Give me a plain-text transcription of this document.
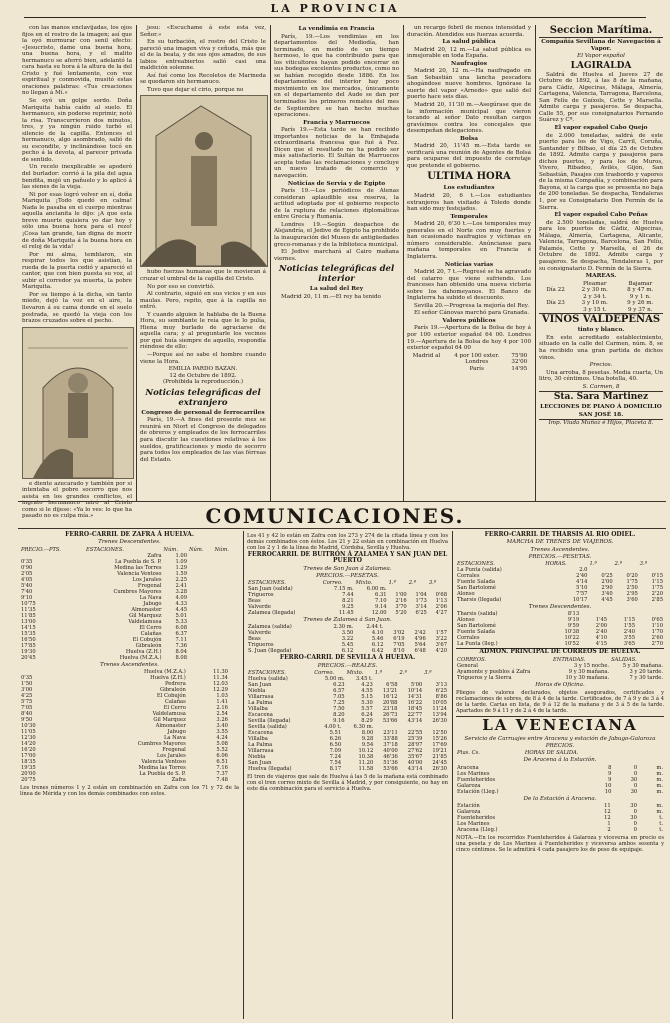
LA PROVINCIA

con las manos enclavijadas, los ojos fijos en el rostro de la imagen; así que la oyó murmurar con senil efecto: «Jesucristo, dame una buena hora, una buena hora, y el malito hermanuco se aferró bien, adelantó la cara hasta su hora á la altura de la del Cristo y fué lentamente, con voz espiritual y conmovida, musitó estas oraciones palabras: «Tus creaciones no llegan á Mí.»

Se oyó un golpe sordo. Doña Mariquita había caído al suelo. El hermanuco, sin poderse reprimir, notó la risa. Transcurrieron dos minutos, tres, y ya ningún ruido turbó el silencio de la capilla. Entonces el hermanuco, algo asombrado, salió de su escondite, y inclinándose tocó en pecho á la devota, al parecer privada de sentido.

Un recelo inexplicable se apoderó del burlador: corrió á la pila del agua bendita, mojó un pañuelo y lo aplicó á las sienes de la vieja.

Ni por esas logró volver en sí, doña Mariquita ¡Todo quedó en calma! Nada le pasaba en el cuerpo mientras aquella ancianita le dijo: ¡A que esta breve muerte quisiera yo dar hoy y sólo una buena hora para el rezo! ¡Cosa tan grande, tan digna de morir de doña Mariquita á la buena hora en el reloj de la vida!

Por mi alma, temblaron, sin respirar todos los que asistían, la rueda de la puerta cedió y apareció el cantor, que con bien puesta su voz, al subir el corredor ya muerta, la pobre Mariquita.

Por su tiempo á la dicha, sin tanto miedo, dejó la voz en el aire, la llevaron á su cama donde en el suelo postrada, se quedó la vieja con los brazos cruzados sobre el pecho.

e diente azucarado y también por si intentaba el pobre socorro que nos asista en los grandes conflictos, el ingrato hermanuco miró al Cristo como si le dijese: «Ya lo ves: lo que ha pasado no es culpa mía.»

jesu: «Escuchame á este esta vez, Señor.»

En su turbación, el rostro del Cristo le pareció una imagen viva y ceñuda, más que el de la beata, y de sus ojos amados, de sus labios entreabiertos salió casi una maldición solemne.

Así fué como los Recoletos de Marineda se quedaron sin hermanuco.

Tuvo que dejar el cirio, porque no

hubo fuerzas humanas que le movieran á cruzar el umbral de la capilla del Cristo.

No por eso se convirtió.

Al contrario, siguió en sus vicios y en sus maulas. Pero, repito, que á la capilla no entró.

Y cuando alguien le hablaba de la Buena Hora, su semblante le reía que le lo pulía, Hiena muy burlado de agraciarse de aquella cara; y al preguntarle los vecinos por qué huía siempre de aquello, respondía riéndose de ello:

—Porque así no sabe el hombre cuando viene la Hora.

EMILIA PARDO BAZAN.
12 de Octubre de 1892.
(Prohibida la reproducción.)
Noticias telegráficas del extranjero
Congreso de personal de ferrocarriles

París, 19.—A fines del presente mes se reunirá en Niort el Congreso de delegados de obreros y empleados de los ferrocarriles para discutir las cuestiones relativas á los sueldos, gratificaciones y modo de socorro para todos los empleados de las vías férreas del Estado.

La vendimia en Francia

París, 19.—Los vendimias en los departamentos del Mediodía, han terminado, en medio de un tiempo hermoso, lo que ha contribuido para que los viticultores hayan podido encerrar en sus bodegas excelentes productos, como no se habían recogido desde 1886. En los departamentos del interior hay poco movimiento en los mercados, únicamente en el departamento del Aude se dan por terminados los primeros remates del mes de Septiembre se han hecho muchas operaciones.

Francia y Marruecos

París 19.—Esta tarde se han recibido importantes noticias de la Embajada extraordinaria francesa que fué á Fez. Dicen que el resultado no ha podido ser más satisfactorio. El Sultán de Marruecos acepta todas las reclamaciones y concluye un nuevo tratado de comercio y navegación.

Noticias de Servia y de Egipto

París 19.—Los periódicos de Atenas consideran aplaudible esa reserva, la actitud adoptada por el gobierno respecto de la ruptura de relaciones diplomáticas entre Grecia y Rumanía.

Londres 19.—Según despachos de Alejandría, el Jedive de Egipto ha prohibido la inauguración del Museo de antigüedades greco-romanas y de la biblioteca municipal.

El Jedive marchará al Cairo mañana viernes.

Noticias telegráficas del interior
La salud del Rey

Madrid 20, 11 m.—El rey ha tenido

un recargo febril de menos intensidad y duración. Atendidos sus fuerzas acuerda.

La salud pública

Madrid 20, 12 m.—La salud pública es inmejorable en toda España.

Naufragios

Madrid 20, 12 m.—Ha naufragado en San Sebastián una lancha pescadora ahogándose nueve hombres. Ignórase la suerte del vapor «Arnedo» que salió del puerto hace seis días.

Madrid 20, 11'30 m.—Asegúrase que de la información municipal que vieron tocando al señor Dato resultan cargos gravísimos contra los concejales que desempeñan delegaciones.

Bolsa

Madrid 20, 11'45 m.—Esta tarde se verificará una reunión de Agentes de Bolsa para ocuparse del impuesto de corretaje que pretende el gobierno.

ULTIMA HORA
Los estudiantes

Madrid 20, 6 t.—Los estudiantes extranjeros han visitado á Toledo donde han sido muy festejados.

Temporales

Madrid 20, 6'30 t.—Los temporales muy generales en el Norte con muy fuertes y han ocasionado naufragios y víctimas en número considerable. Anúncianse para mañana temporales en Francia é Inglaterra.

Noticias varias

Madrid 20, 7 t.—Regresé se ha agravado del catarro que viene sufriendo. Los franceses han obtenido una nueva victoria sobre los dahomeyanos. El Banco de Inglaterra ha subido el descuento.

Sevilla 20.—Progresa la mejoría del Rey.

El señor Cánovas marchó para Granada.

Valores públicos

París 19.—Apertura de la Bolsa de hoy á por 100 exterior español 64 00. Londres 19.—Apertura de la Bolsa de hoy 4 por 100 exterior español 64 00

Madrid al	4 por 100 exter.	75'90
	Londres	32'00
	París	14'95
Seccion Marítima.
Compañía Sevillana de Navegación á Vapor.
El Vapor español
LAGIRALDA

Saldrá de Huelva el Jueves 27 de Octubre de 1892, á las 8 de la mañana, para Cádiz, Algeciras, Málaga, Almería, Cartagena, Valencia, Tarragona, Barcelona, San Felíu de Guíxols, Cette y Marsella. Admite carga y pasajeros. Se despacha, Calle 55, por sus consignatarios Fernando Suárez y Cª.

El vapor español Cabo Quejo

de 2.000 toneladas, saldrá de este puerto para los de Vigo, Carril, Coruña, Santander y Bilbao, el día 25 de Octubre de 1892. Admite carga y pasajeros para dichos puertos, y para los de Muros, Vivero, Ribadeo, Avilés, Gijón, San Sebastián, Pasajes con trasbordo y vapores de la misma Compañía, y combinación para Bayona, si la carga que se presenta no baja de 200 toneladas. Se despacha, Tendaleras 1, por su Consignatario Don Fermín de la Sierra.

El vapor español Cabo Peñas

de 2.500 toneladas, saldrá de Huelva para los puertos de Cádiz, Algeciras, Málaga, Almería, Cartagena, Alicante, Valencia, Tarragona, Barcelona, San Felíu, Palamós, Cette y Marsella, el 26 de Octubre de 1892. Admite carga y pasajeros. Se despacha, Tendaleras 1, por su consignatario D. Fermín de la Sierra.

MAREAS.
	Pleamar	Bajamar
Día 22	2 y 30 m.	8 y 47 m.
	2 y 34 t.	9 y 1 n.
Día 23	3 y 10 m.	9 y 26 m.
	3 y 15 t.	9 y 37 n.
VINOS VALDEPEÑAS
tinto y blanco.

En este acreditado establecimiento, situado en la calle del Carmen, núm. 8, se ha recibido una gran partida de dichos vinos.

Precios.

Una arroba, 8 pesetas. Media cuarta, Un litro, 30 céntimos. Una botella, 40.

S. Carmen, 8
Sta. Sara Martinez
LECCIONES DE PIANO Á DOMICILIO
SAN JOSÉ 18.
Imp. Viuda Muñoz é Hijos, Placeta 8.
COMUNICACIONES.
FERRO-CARRIL DE ZAFRA Á HUELVA.
Trenes Descendentes.
PRECIO.—PTS.	ESTACIONES.	Núm.	Núm.	Núm.
	Zafra	1.00		
0'35	La Puebla de S. P.	1.09		
0'90	Medina las Torres	1.29		
2'05	Valencia Ventoso	1.59		
4'05	Los Jarales	2.25		
5'40	Fregenal	2.41		
7'40	Cumbres Mayores	3.28		
9'10	La Nava	4.09		
10'75	Jabugo	4.33		
11'35	Almonaster	4.45		
11'85	Gil Marquez	5.01		
13'00	Valdelamusa	5.33		
14'15	El Cerro	6.08		
15'35	Calañas	6.37		
16'50	El Cobujón	7.11		
17'85	Gibraleón	7.36		
19'30	Huelva (Z.H.)	8.04		
20'45	Huelva (M.Z.A.)	8.08		
Trenes Ascendentes.
	Huelva (M.Z.A.)	11.30		
0'35	Huelva (Z.H.)	11.34		
1'50	Pedrera	12.03		
3'00	Gibraleón	12.29		
4'25	El Cobujón	1.03		
5'75	Calañas	1.41		
7'05	El Cerro	2.16		
8'40	Valdelamusa	2.54		
9'50	Gil Marquez	3.26		
10'30	Almonaster	3.40		
11'05	Jabugo	3.55		
12'30	La Nava	4.24		
14'20	Cumbres Mayores	5.08		
16'20	Fregenal	5.52		
17'00	Los Jarales	6.06		
18'35	Valencia Ventoso	6.51		
19'35	Medina las Torres	7.16		
20'00	La Puebla de S. P.	7.37		
20'75	Zafra	7.48		
Los trenes números 1 y 2 están en combinación en Zafra con los 71 y 72 de la línea de Mérida y con los demás combinados con estos.
Los 41 y 42 lo están en Zafra con los 273 y 274 de la citada línea y con los demás combinados con éstos. Los 21 y 22 están en combinación en Huelva con los 2 y 1 de la línea de Madrid, Córdoba, Sevilla y Huelva.
FERROCARRIL DE BUITRÓN Á ZALAMEA Y SAN JUAN DEL PUERTO
Trenes de San Juan á Zalamea.
PRECIOS.—PESETAS.
ESTACIONES.	Correo.	Mixto.	1.ª	2.ª	3.ª
San Juan (salida)	7.15 m.	6.00 m.			
Trigueros	7.44	6.31	1'00	1'04	0'68
Beas	8.21	7.10	2'16	1'73	1'13
Valverde	9.25	9.14	3'70	3'14	2'06
Zalamea (llegada)	11.45	12.00	5'20	6'25	4'27
Trenes de Zalamea á San Juan.
Zalamea (salida)	2.30 m.	2.44 t.			
Valverde	3.50	4.10	3'02	2'42	1'57
Beas	3.22	5.46	6'19	4'96	3'22
Trigueros	5.45	6.12	7'05	5'64	3'67
S. Juan (llegada)	6.12	6.42	8'10	6'48	4'20
FERRO-CARRIL DE SEVILLA Á HUELVA.
PRECIOS.—REALES.
ESTACIONES.	Correo.	Mixto.	1.ª	2.ª	3.ª
Huelva (salida)	5.00 m.	3.45 t.			
San Juan	6.23	4.23	6'58	5'00	3'13
Niebla	6.57	4.55	13'21	10'14	6'25
Villarrasa	7.05	5.15	16'12	14'31	8'86
La Palma	7.25	5.30	20'88	16'22	10'05
Villalba	7.50	5.57	23'18	18'45	11'24
Escacena	8.20	6.24	26'73	22'77	13'94
Sevilla (llegada)	9.16	8.29	53'66	43'14	26'30
Sevilla (salida)	4.00 t.	6.30 m.			
Escacena	5.51	8.00	23'11	22'55	12'50
Villalba	6.26	9.28	33'88	25'39	15'26
La Palma	6.50	9.54	37'18	28'97	17'69
Villarrasa	7.09	10.12	40'00	27'62	19'21
Niebla	7.24	10.38	46'36	35'67	21'85
San Juan	7.54	11.20	51'36	40'00	24'45
Huelva (llegada)	8.17	11.58	53'66	43'14	26'30
El tren de viajeros que sale de Huelva á las 5 de la mañana está combinado con el tren correo mixto de Sevilla á Madrid, y por consiguiente, no hay en este día combinación para el servicio á Huelva.
FERRO-CARRIL DE THARSIS AL RIO ODIEL.
MARCHA DE TRENES DE VIAJEROS.
Trenes Ascendentes.
PRECIOS.—PESETAS.
ESTACIONES.	HORAS.	1.ª	2.ª	3.ª
La Punta (salida)	2.0			
Corrales	2'40	0'25	0'20	0'15
Fuente Salada	4'14	2'00	1'75	1'15
San Bartolomé	5'10	2'90	2'50	1'75
Alonso	7'57	3'40	2'95	2'20
Tharsis (llegada)	10'17	4'45	3'60	2'85
Trenes Descendentes.
Tharsis (salida)	8'13			
Alonso	9'19	1'45	1'15	0'65
San Bartolomé	9'59	2'00	1'55	1'10
Fuente Salada	10'38	2'40	2'40	1'70
Corrales	10'22	4'10	3'55	2'60
La Punta (lleg.)	10'52	4'15	3'65	2'70
ADMON. PRINCIPAL DE CORREOS DE HUELVA.
CORREOS.	ENTRADAS.	SALIDAS.
General	3 y 15 noche.	5 y 30 mañana.
Ayamonte y pueblos á Zafra	9 y 30 mañana.	3 y 20 tarde.
Trigueros y la Sierra	10 y 30 mañana.	7 y 30 tarde.
Horas de Oficina.
Pliegos de valores declarados, objetos asegurados, certificados y reclamaciones de sobres, de 8 á 4 de la tarde. Certificados, de 7 á 9 y de 3 á 4 de la tarde. Cartas en lista, de 9 á 12 de la mañana y de 3 á 5 de la tarde. Apartados de 9 á 11 y de 2 á 4 de la tarde.
LA VENECIANA
Servicio de Carruajes entre Aracena y estación de Jabugo-Galaroza
PRECIOS.
Ptas. Cs.		HORAS DE SALIDA.
De Aracena á la Estación.
Aracena	8	0	m.
Los Marines	9	0	m.
Fuenteheridos	9	30	m.
Galaroza	10	0	m.
Estación (Lleg.)	10	30	m.
De la Estación á Aracena.
Estación	11	30	m.
Galaroza	12	0	m.
Fuenteheridos	12	30	t.
Los Marines	1	0	t.
Aracena (Lleg.)	2	0	t.
NOTA.—En los recorridos Fuenteheridos á Galaroza y viceversa en precio es una peseta y de Los Marines á Fuenteheridos y viceversa ambos sesenta y cinco céntimos. Se le admitirá 4 cada pasajero los de peso de equipaje.
